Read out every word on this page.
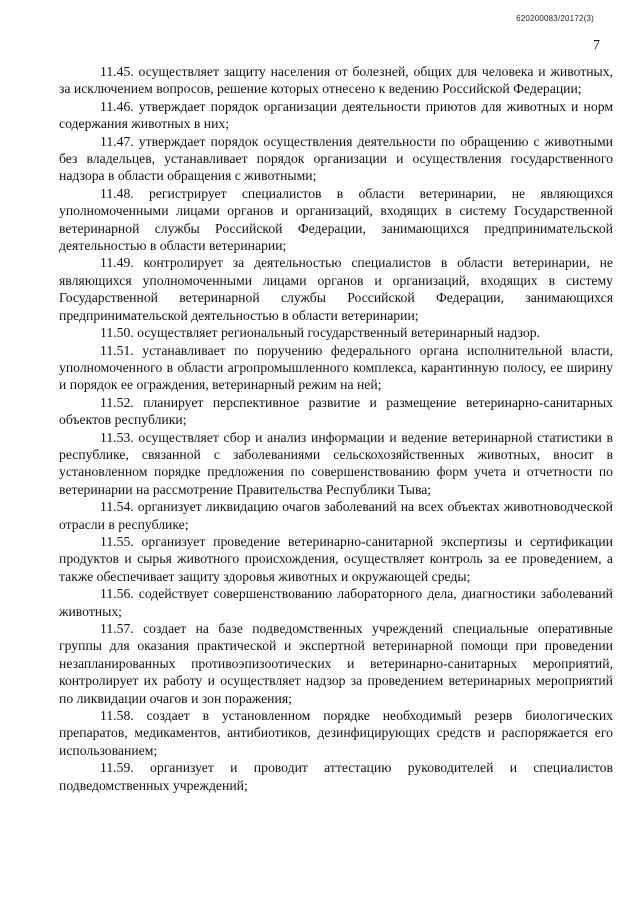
620200083/20172(3)
7

11.45. осуществляет защиту населения от болезней, общих для человека и животных, за исключением вопросов, решение которых отнесено к ведению Российской Федерации;

11.46. утверждает порядок организации деятельности приютов для животных и норм содержания животных в них;

11.47. утверждает порядок осуществления деятельности по обращению с животными без владельцев, устанавливает порядок организации и осуществления государственного надзора в области обращения с животными;

11.48. регистрирует специалистов в области ветеринарии, не являющихся уполномоченными лицами органов и организаций, входящих в систему Государственной ветеринарной службы Российской Федерации, занимающихся предпринимательской деятельностью в области ветеринарии;

11.49. контролирует за деятельностью специалистов в области ветеринарии, не являющихся уполномоченными лицами органов и организаций, входящих в систему Государственной ветеринарной службы Российской Федерации, занимающихся предпринимательской деятельностью в области ветеринарии;

11.50. осуществляет региональный государственный ветеринарный надзор.

11.51. устанавливает по поручению федерального органа исполнительной власти, уполномоченного в области агропромышленного комплекса, карантинную полосу, ее ширину и порядок ее ограждения, ветеринарный режим на ней;

11.52. планирует перспективное развитие и размещение ветеринарно-санитарных объектов республики;

11.53. осуществляет сбор и анализ информации и ведение ветеринарной статистики в республике, связанной с заболеваниями сельскохозяйственных животных, вносит в установленном порядке предложения по совершенствованию форм учета и отчетности по ветеринарии на рассмотрение Правительства Республики Тыва;

11.54. организует ликвидацию очагов заболеваний на всех объектах животноводческой отрасли в республике;

11.55. организует проведение ветеринарно-санитарной экспертизы и сертификации продуктов и сырья животного происхождения, осуществляет контроль за ее проведением, а также обеспечивает защиту здоровья животных и окружающей среды;

11.56. содействует совершенствованию лабораторного дела, диагностики заболеваний животных;

11.57. создает на базе подведомственных учреждений специальные оперативные группы для оказания практической и экспертной ветеринарной помощи при проведении незапланированных противоэпизоотических и ветеринарно-санитарных мероприятий, контролирует их работу и осуществляет надзор за проведением ветеринарных мероприятий по ликвидации очагов и зон поражения;

11.58. создает в установленном порядке необходимый резерв биологических препаратов, медикаментов, антибиотиков, дезинфицирующих средств и распоряжается его использованием;

11.59. организует и проводит аттестацию руководителей и специалистов подведомственных учреждений;
